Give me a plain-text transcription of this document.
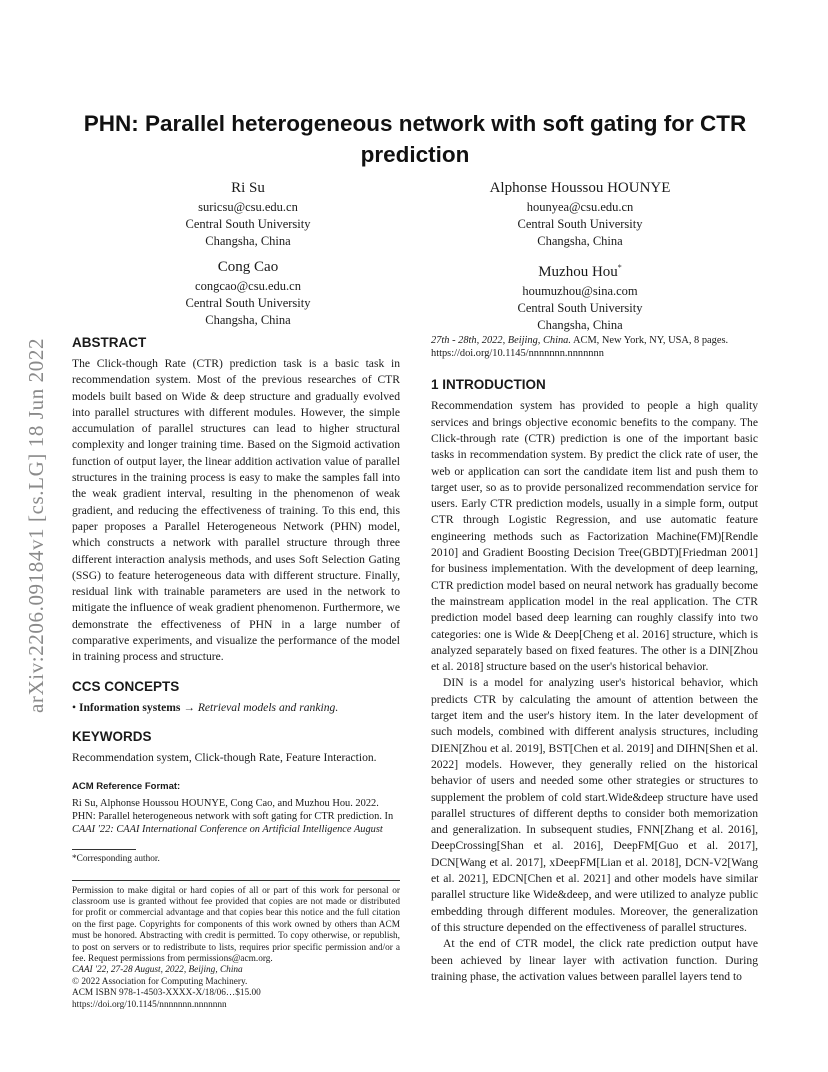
arXiv:2206.09184v1 [cs.LG] 18 Jun 2022
PHN: Parallel heterogeneous network with soft gating for CTR prediction
Ri Su
suricsu@csu.edu.cn
Central South University
Changsha, China
Alphonse Houssou HOUNYE
hounyea@csu.edu.cn
Central South University
Changsha, China
Cong Cao
congcao@csu.edu.cn
Central South University
Changsha, China
Muzhou Hou*
houmuzhou@sina.com
Central South University
Changsha, China
ABSTRACT

The Click-though Rate (CTR) prediction task is a basic task in recommendation system. Most of the previous researches of CTR models built based on Wide & deep structure and gradually evolved into parallel structures with different modules. However, the simple accumulation of parallel structures can lead to higher structural complexity and longer training time. Based on the Sigmoid activation function of output layer, the linear addition activation value of parallel structures in the training process is easy to make the samples fall into the weak gradient interval, resulting in the phenomenon of weak gradient, and reducing the effectiveness of training. To this end, this paper proposes a Parallel Heterogeneous Network (PHN) model, which constructs a network with parallel structure through three different interaction analysis methods, and uses Soft Selection Gating (SSG) to feature heterogeneous data with different structure. Finally, residual link with trainable parameters are used in the network to mitigate the influence of weak gradient phenomenon. Furthermore, we demonstrate the effectiveness of PHN in a large number of comparative experiments, and visualize the performance of the model in training process and structure.

CCS CONCEPTS

• Information systems → Retrieval models and ranking.

KEYWORDS

Recommendation system, Click-though Rate, Feature Interaction.

ACM Reference Format:
Ri Su, Alphonse Houssou HOUNYE, Cong Cao, and Muzhou Hou. 2022. PHN: Parallel heterogeneous network with soft gating for CTR prediction. In CAAI '22: CAAI International Conference on Artificial Intelligence August
*Corresponding author.
Permission to make digital or hard copies of all or part of this work for personal or classroom use is granted without fee provided that copies are not made or distributed for profit or commercial advantage and that copies bear this notice and the full citation on the first page. Copyrights for components of this work owned by others than ACM must be honored. Abstracting with credit is permitted. To copy otherwise, or republish, to post on servers or to redistribute to lists, requires prior specific permission and/or a fee. Request permissions from permissions@acm.org.
CAAI '22, 27-28 August, 2022, Beijing, China
© 2022 Association for Computing Machinery.
ACM ISBN 978-1-4503-XXXX-X/18/06…$15.00
https://doi.org/10.1145/nnnnnnn.nnnnnnn
27th - 28th, 2022, Beijing, China. ACM, New York, NY, USA, 8 pages. https://doi.org/10.1145/nnnnnnn.nnnnnnn
1 INTRODUCTION

Recommendation system has provided to people a high quality services and brings objective economic benefits to the company. The Click-through rate (CTR) prediction is one of the important basic tasks in recommendation system. By predict the click rate of user, the web or application can sort the candidate item list and push them to target user, so as to provide personalized recommendation service for users. Early CTR prediction models, usually in a simple form, output CTR through Logistic Regression, and use automatic feature engineering methods such as Factorization Machine(FM)[Rendle 2010] and Gradient Boosting Decision Tree(GBDT)[Friedman 2001] for business implementation. With the development of deep learning, CTR prediction model based on neural network has gradually become the mainstream application model in the real application. The CTR prediction model based deep learning can roughly classify into two categories: one is Wide & Deep[Cheng et al. 2016] structure, which is analyzed separately based on fixed features. The other is a DIN[Zhou et al. 2018] structure based on the user's historical behavior.

DIN is a model for analyzing user's historical behavior, which predicts CTR by calculating the amount of attention between the target item and the user's history item. In the later development of such models, combined with different analysis structures, including DIEN[Zhou et al. 2019], BST[Chen et al. 2019] and DIHN[Shen et al. 2022] models. However, they generally relied on the historical behavior of users and needed some other strategies or structures to supplement the problem of cold start.Wide&deep structure have used parallel structures of different depths to consider both memorization and generalization. In subsequent studies, FNN[Zhang et al. 2016], DeepCrossing[Shan et al. 2016], DeepFM[Guo et al. 2017], DCN[Wang et al. 2017], xDeepFM[Lian et al. 2018], DCN-V2[Wang et al. 2021], EDCN[Chen et al. 2021] and other models have similar parallel structure like Wide&deep, and were utilized to analyze public embedding through different modules. Moreover, the generalization of this structure depended on the effectiveness of parallel structures.

At the end of CTR model, the click rate prediction output have been achieved by linear layer with activation function. During training phase, the activation values between parallel layers tend to
